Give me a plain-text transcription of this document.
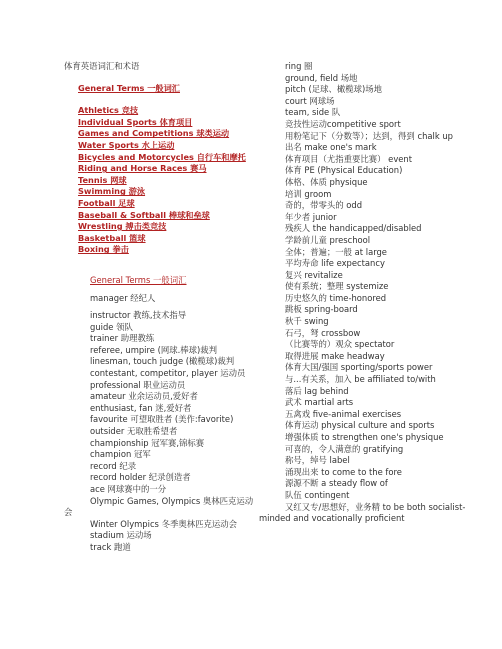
体育英语词汇和术语
General Terms 一般词汇
Athletics 竞技
Individual Sports 体育项目
Games and Competitions 球类运动
Water Sports 水上运动
Bicycles and Motorcycles 自行车和摩托
Riding and Horse Races 赛马
Tennis 网球
Swimming 游泳
Football 足球
Baseball & Softball 棒球和垒球
Wrestling 搏击类竞技
Basketball 篮球
Boxing 拳击
General Terms 一般词汇
manager 经纪人
instructor 教练,技术指导
guide 领队
trainer 助理教练
referee, umpire (网球.棒球)裁判
linesman, touch judge (橄榄球)裁判
contestant, competitor, player 运动员
professional 职业运动员
amateur 业余运动员,爱好者
enthusiast, fan 迷,爱好者
favourite 可望取胜者 (美作:favorite)
outsider 无取胜希望者
championship 冠军赛,锦标赛
champion 冠军
record 纪录
record holder 纪录创造者
ace 网球赛中的一分
Olympic Games, Olympics 奥林匹克运动会
Winter Olympics 冬季奥林匹克运动会
stadium 运动场
track 跑道
ring 圈
ground, field 场地
pitch (足球、橄榄球)场地
court 网球场
team, side 队
竞技性运动competitive sport
用粉笔记下（分数等）；达到，得到 chalk up
出名 make one's mark
体育项目（尤指重要比赛） event
体育 PE (Physical Education)
体格、体质 physique
培训 groom
奇的，带零头的 odd
年少者 junior
残疾人 the handicapped/disabled
学龄前儿童 preschool
全体；普遍；一般 at large
平均寿命 life expectancy
复兴 revitalize
使有系统；整理 systemize
历史悠久的 time-honored
跳板 spring-board
秋千 swing
石弓，弩 crossbow
（比赛等的）观众 spectator
取得进展 make headway
体育大国/强国 sporting/sports power
与...有关系，加入 be affiliated to/with
落后 lag behind
武术 martial arts
五禽戏 five-animal exercises
体育运动 physical culture and sports
增强体质 to strengthen one's physique
可喜的，令人满意的 gratifying
称号，绰号 label
涌现出来 to come to the fore
源源不断 a steady flow of
队伍 contingent
又红又专/思想好，业务精 to be both socialist-minded and vocationally proficient
